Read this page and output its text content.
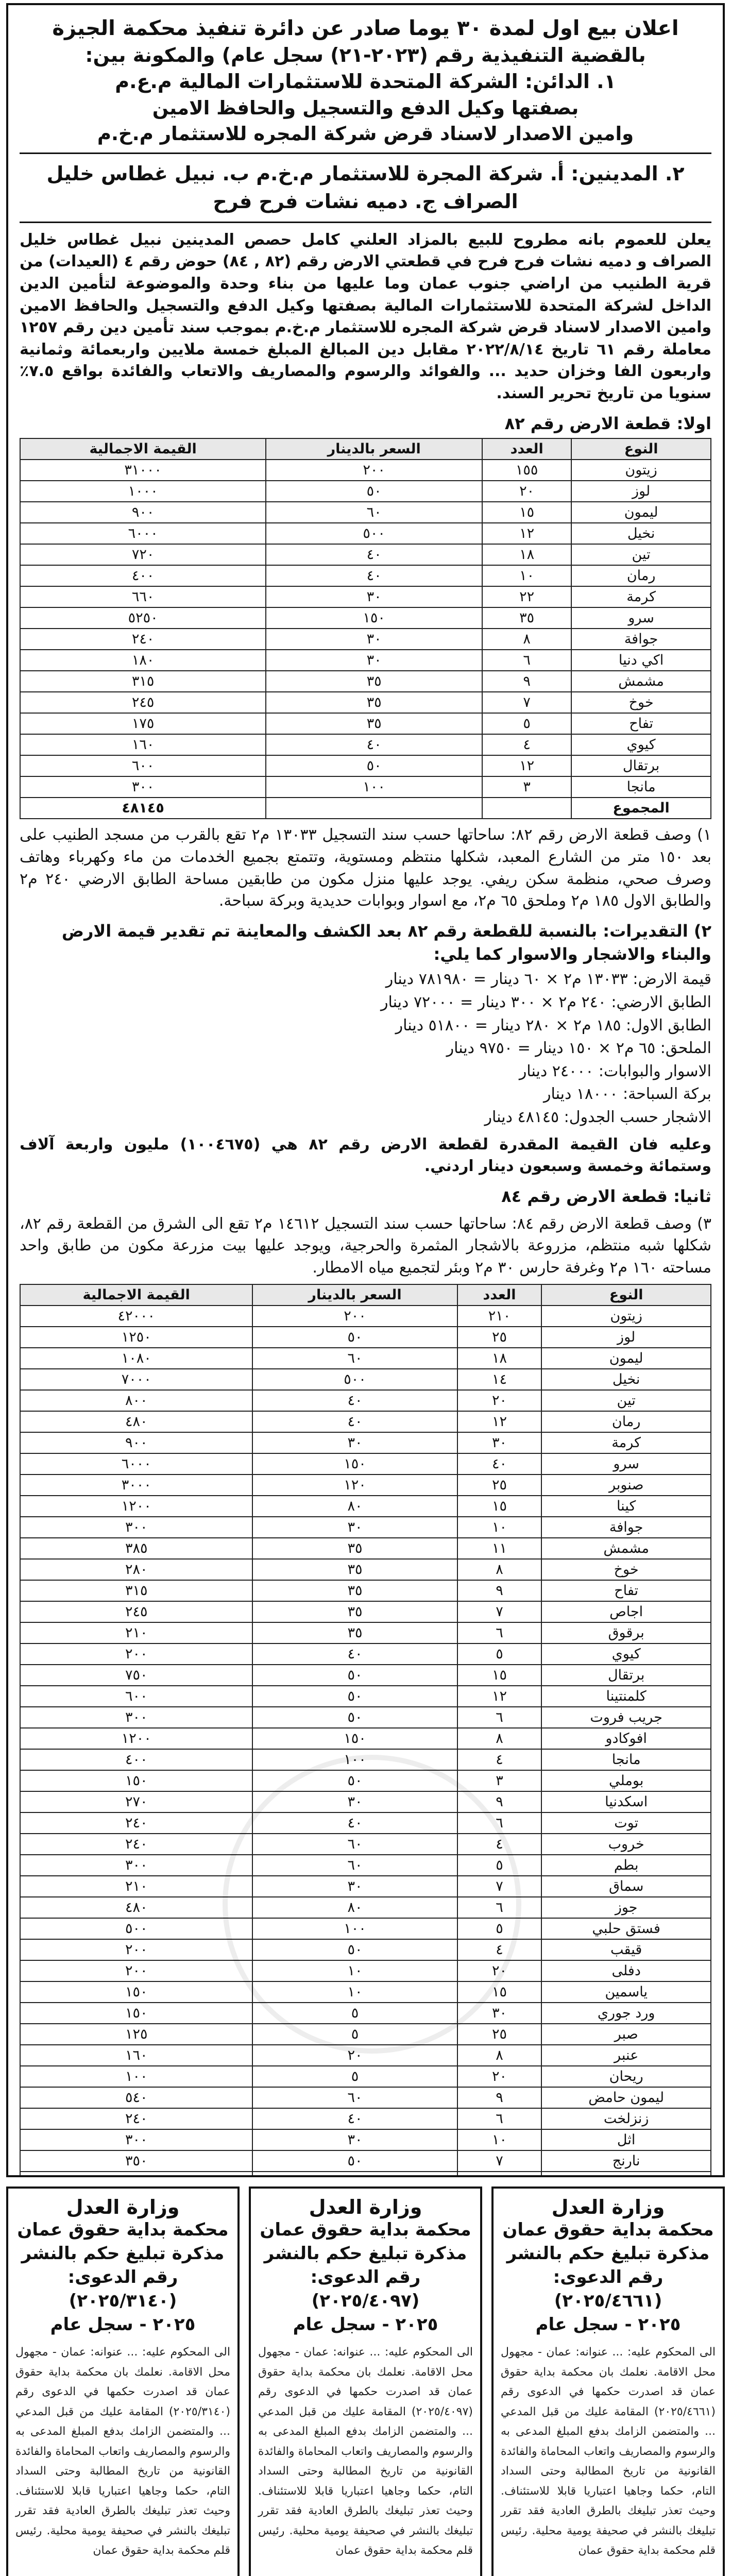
اعلان بيع اول لمدة ٣٠ يوما صادر عن دائرة تنفيذ محكمة الجيزة
بالقضية التنفيذية رقم (٢٠٢٣-٢١) سجل عام) والمكونة بين:
١. الدائن: الشركة المتحدة للاستثمارات المالية م.ع.م
بصفتها وكيل الدفع والتسجيل والحافظ الامين
وامين الاصدار لاسناد قرض شركة المجره للاستثمار م.خ.م
٢. المدينين: أ. شركة المجرة للاستثمار م.خ.م ب. نبيل غطاس خليل الصراف ج. دميه نشات فرح فرح

يعلن للعموم بانه مطروح للبيع بالمزاد العلني كامل حصص المدينين نبيل غطاس خليل الصراف و دميه نشات فرح فرح في قطعتي الارض رقم (٨٢ , ٨٤) حوض رقم ٤ (العيدات) من قرية الطنيب من اراضي جنوب عمان وما عليها من بناء وحدة والموضوعة لتأمين الدين الداخل لشركة المتحدة للاستثمارات المالية بصفتها وكيل الدفع والتسجيل والحافظ الامين وامين الاصدار لاسناد قرض شركة المجره للاستثمار م.خ.م بموجب سند تأمين دين رقم ١٢٥٧ معاملة رقم ٦١ تاريخ ٢٠٢٢/٨/١٤ مقابل دين المبالغ المبلغ خمسة ملايين واربعمائة وثمانية واربعون الفا وخزان حديد ... والفوائد والرسوم والمصاريف والاتعاب والفائدة بواقع ٧.٥٪ سنويا من تاريخ تحرير السند.

اولا: قطعة الارض رقم ٨٢
النوع	العدد	السعر بالدينار	القيمة الاجمالية
زيتون	١٥٥	٢٠٠	٣١٠٠٠
لوز	٢٠	٥٠	١٠٠٠
ليمون	١٥	٦٠	٩٠٠
نخيل	١٢	٥٠٠	٦٠٠٠
تين	١٨	٤٠	٧٢٠
رمان	١٠	٤٠	٤٠٠
كرمة	٢٢	٣٠	٦٦٠
سرو	٣٥	١٥٠	٥٢٥٠
جوافة	٨	٣٠	٢٤٠
اكي دنيا	٦	٣٠	١٨٠
مشمش	٩	٣٥	٣١٥
خوخ	٧	٣٥	٢٤٥
تفاح	٥	٣٥	١٧٥
كيوي	٤	٤٠	١٦٠
برتقال	١٢	٥٠	٦٠٠
مانجا	٣	١٠٠	٣٠٠
المجموع			٤٨١٤٥

١) وصف قطعة الارض رقم ٨٢: ساحاتها حسب سند التسجيل ١٣٠٣٣ م٢ تقع بالقرب من مسجد الطنيب على بعد ١٥٠ متر من الشارع المعبد، شكلها منتظم ومستوية، وتتمتع بجميع الخدمات من ماء وكهرباء وهاتف وصرف صحي، منظمة سكن ريفي. يوجد عليها منزل مكون من طابقين مساحة الطابق الارضي ٢٤٠ م٢ والطابق الاول ١٨٥ م٢ وملحق ٦٥ م٢، مع اسوار وبوابات حديدية وبركة سباحة.

٢) التقديرات: بالنسبة للقطعة رقم ٨٢ بعد الكشف والمعاينة تم تقدير قيمة الارض والبناء والاشجار والاسوار كما يلي:
قيمة الارض: ١٣٠٣٣ م٢ × ٦٠ دينار = ٧٨١٩٨٠ دينار
الطابق الارضي: ٢٤٠ م٢ × ٣٠٠ دينار = ٧٢٠٠٠ دينار
الطابق الاول: ١٨٥ م٢ × ٢٨٠ دينار = ٥١٨٠٠ دينار
الملحق: ٦٥ م٢ × ١٥٠ دينار = ٩٧٥٠ دينار
الاسوار والبوابات: ٢٤٠٠٠ دينار
بركة السباحة: ١٨٠٠٠ دينار
الاشجار حسب الجدول: ٤٨١٤٥ دينار

وعليه فان القيمة المقدرة لقطعة الارض رقم ٨٢ هي (١٠٠٤٦٧٥) مليون واربعة آلاف وستمائة وخمسة وسبعون دينار اردني.

ثانيا: قطعة الارض رقم ٨٤

٣) وصف قطعة الارض رقم ٨٤: ساحاتها حسب سند التسجيل ١٤٦١٢ م٢ تقع الى الشرق من القطعة رقم ٨٢، شكلها شبه منتظم، مزروعة بالاشجار المثمرة والحرجية، ويوجد عليها بيت مزرعة مكون من طابق واحد مساحته ١٦٠ م٢ وغرفة حارس ٣٠ م٢ وبئر لتجميع مياه الامطار.

النوع	العدد	السعر بالدينار	القيمة الاجمالية
زيتون	٢١٠	٢٠٠	٤٢٠٠٠
لوز	٢٥	٥٠	١٢٥٠
ليمون	١٨	٦٠	١٠٨٠
نخيل	١٤	٥٠٠	٧٠٠٠
تين	٢٠	٤٠	٨٠٠
رمان	١٢	٤٠	٤٨٠
كرمة	٣٠	٣٠	٩٠٠
سرو	٤٠	١٥٠	٦٠٠٠
صنوبر	٢٥	١٢٠	٣٠٠٠
كينا	١٥	٨٠	١٢٠٠
جوافة	١٠	٣٠	٣٠٠
مشمش	١١	٣٥	٣٨٥
خوخ	٨	٣٥	٢٨٠
تفاح	٩	٣٥	٣١٥
اجاص	٧	٣٥	٢٤٥
برقوق	٦	٣٥	٢١٠
كيوي	٥	٤٠	٢٠٠
برتقال	١٥	٥٠	٧٥٠
كلمنتينا	١٢	٥٠	٦٠٠
جريب فروت	٦	٥٠	٣٠٠
افوكادو	٨	١٥٠	١٢٠٠
مانجا	٤	١٠٠	٤٠٠
بوملي	٣	٥٠	١٥٠
اسكدنيا	٩	٣٠	٢٧٠
توت	٦	٤٠	٢٤٠
خروب	٤	٦٠	٢٤٠
بطم	٥	٦٠	٣٠٠
سماق	٧	٣٠	٢١٠
جوز	٦	٨٠	٤٨٠
فستق حلبي	٥	١٠٠	٥٠٠
قيقب	٤	٥٠	٢٠٠
دفلى	٢٠	١٠	٢٠٠
ياسمين	١٥	١٠	١٥٠
ورد جوري	٣٠	٥	١٥٠
صبر	٢٥	٥	١٢٥
عنبر	٨	٢٠	١٦٠
ريحان	٢٠	٥	١٠٠
ليمون حامض	٩	٦٠	٥٤٠
زنزلخت	٦	٤٠	٢٤٠
اثل	١٠	٣٠	٣٠٠
نارنج	٧	٥٠	٣٥٠

وزارة العدل
محكمة بداية حقوق عمان
مذكرة تبليغ حكم بالنشر
رقم الدعوى: (٢٠٢٥/٤٦٦١)
٢٠٢٥ - سجل عام
الى المحكوم عليه: ... عنوانه: عمان - مجهول محل الاقامة. نعلمك بان محكمة بداية حقوق عمان قد اصدرت حكمها في الدعوى رقم (٢٠٢٥/٤٦٦١) المقامة عليك من قبل المدعي ... والمتضمن الزامك بدفع المبلغ المدعى به والرسوم والمصاريف واتعاب المحاماة والفائدة القانونية من تاريخ المطالبة وحتى السداد التام، حكما وجاهيا اعتباريا قابلا للاستئناف. وحيث تعذر تبليغك بالطرق العادية فقد تقرر تبليغك بالنشر في صحيفة يومية محلية. رئيس قلم محكمة بداية حقوق عمان
وزارة العدل
محكمة بداية حقوق عمان
مذكرة تبليغ حكم بالنشر
رقم الدعوى: (٢٠٢٥/٤٠٩٧)
٢٠٢٥ - سجل عام
الى المحكوم عليه: ... عنوانه: عمان - مجهول محل الاقامة. نعلمك بان محكمة بداية حقوق عمان قد اصدرت حكمها في الدعوى رقم (٢٠٢٥/٤٠٩٧) المقامة عليك من قبل المدعي ... والمتضمن الزامك بدفع المبلغ المدعى به والرسوم والمصاريف واتعاب المحاماة والفائدة القانونية من تاريخ المطالبة وحتى السداد التام، حكما وجاهيا اعتباريا قابلا للاستئناف. وحيث تعذر تبليغك بالطرق العادية فقد تقرر تبليغك بالنشر في صحيفة يومية محلية. رئيس قلم محكمة بداية حقوق عمان
وزارة العدل
محكمة بداية حقوق عمان
مذكرة تبليغ حكم بالنشر
رقم الدعوى: (٢٠٢٥/٣١٤٠)
٢٠٢٥ - سجل عام
الى المحكوم عليه: ... عنوانه: عمان - مجهول محل الاقامة. نعلمك بان محكمة بداية حقوق عمان قد اصدرت حكمها في الدعوى رقم (٢٠٢٥/٣١٤٠) المقامة عليك من قبل المدعي ... والمتضمن الزامك بدفع المبلغ المدعى به والرسوم والمصاريف واتعاب المحاماة والفائدة القانونية من تاريخ المطالبة وحتى السداد التام، حكما وجاهيا اعتباريا قابلا للاستئناف. وحيث تعذر تبليغك بالطرق العادية فقد تقرر تبليغك بالنشر في صحيفة يومية محلية. رئيس قلم محكمة بداية حقوق عمان
